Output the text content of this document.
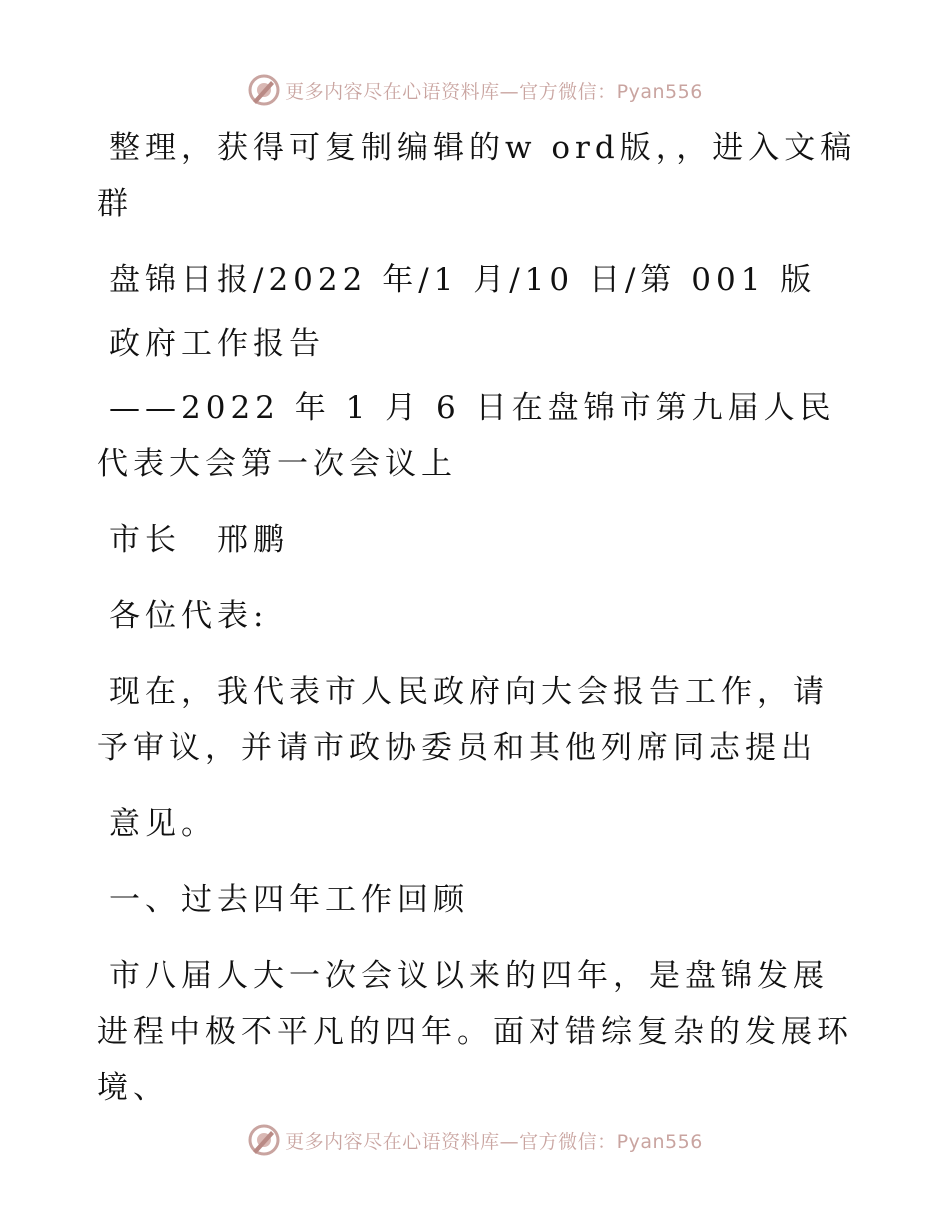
更多内容尽在心语资料库—官方微信：Pyan556

整理，获得可复制编辑的w ord版，，进入文稿群

盘锦日报/2022 年/1 月/10 日/第 001 版

政府工作报告

——2022 年 1 月 6 日在盘锦市第九届人民代表大会第一次会议上

市长　邢鹏

各位代表:

现在，我代表市人民政府向大会报告工作，请予审议，并请市政协委员和其他列席同志提出

意见。

一、过去四年工作回顾

市八届人大一次会议以来的四年，是盘锦发展进程中极不平凡的四年。面对错综复杂的发展环境、

更多内容尽在心语资料库—官方微信：Pyan556
